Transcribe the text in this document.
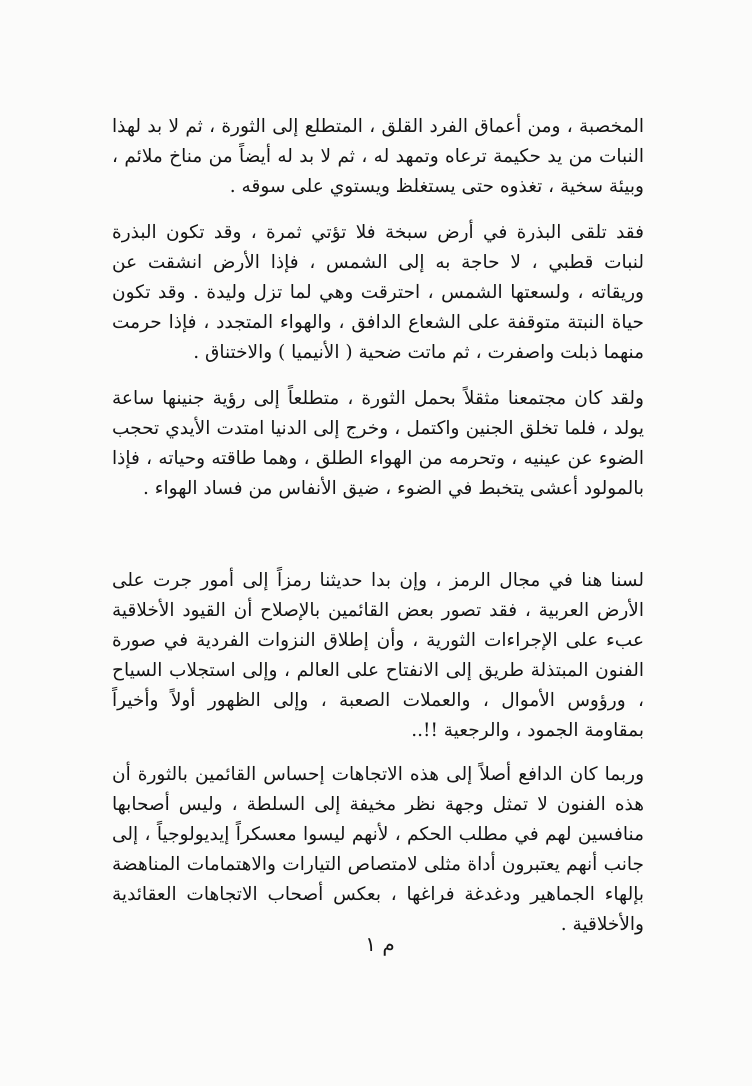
المخصبة ، ومن أعماق الفرد القلق ، المتطلع إلى الثورة ، ثم لا بد لهذا النبات من يد حكيمة ترعاه وتمهد له ، ثم لا بد له أيضاً من مناخ ملائم ، وبيئة سخية ، تغذوه حتى يستغلظ ويستوي على سوقه .
فقد تلقى البذرة في أرض سبخة فلا تؤتي ثمرة ، وقد تكون البذرة لنبات قطبي ، لا حاجة به إلى الشمس ، فإذا الأرض انشقت عن وريقاته ، ولسعتها الشمس ، احترقت وهي لما تزل وليدة . وقد تكون حياة النبتة متوقفة على الشعاع الدافق ، والهواء المتجدد ، فإذا حرمت منهما ذبلت واصفرت ، ثم ماتت ضحية ( الأنيميا ) والاختناق .
ولقد كان مجتمعنا مثقلاً بحمل الثورة ، متطلعاً إلى رؤية جنينها ساعة يولد ، فلما تخلق الجنين واكتمل ، وخرج إلى الدنيا امتدت الأيدي تحجب الضوء عن عينيه ، وتحرمه من الهواء الطلق ، وهما طاقته وحياته ، فإذا بالمولود أعشى يتخبط في الضوء ، ضيق الأنفاس من فساد الهواء .
لسنا هنا في مجال الرمز ، وإن بدا حديثنا رمزاً إلى أمور جرت على الأرض العربية ، فقد تصور بعض القائمين بالإصلاح أن القيود الأخلاقية عبء على الإجراءات الثورية ، وأن إطلاق النزوات الفردية في صورة الفنون المبتذلة طريق إلى الانفتاح على العالم ، وإلى استجلاب السياح ، ورؤوس الأموال ، والعملات الصعبة ، وإلى الظهور أولاً وأخيراً بمقاومة الجمود ، والرجعية !!..
وربما كان الدافع أصلاً إلى هذه الاتجاهات إحساس القائمين بالثورة أن هذه الفنون لا تمثل وجهة نظر مخيفة إلى السلطة ، وليس أصحابها منافسين لهم في مطلب الحكم ، لأنهم ليسوا معسكراً إيديولوجياً ، إلى جانب أنهم يعتبرون أداة مثلى لامتصاص التيارات والاهتمامات المناهضة بإلهاء الجماهير ودغدغة فراغها ، بعكس أصحاب الاتجاهات العقائدية والأخلاقية .
م ١
